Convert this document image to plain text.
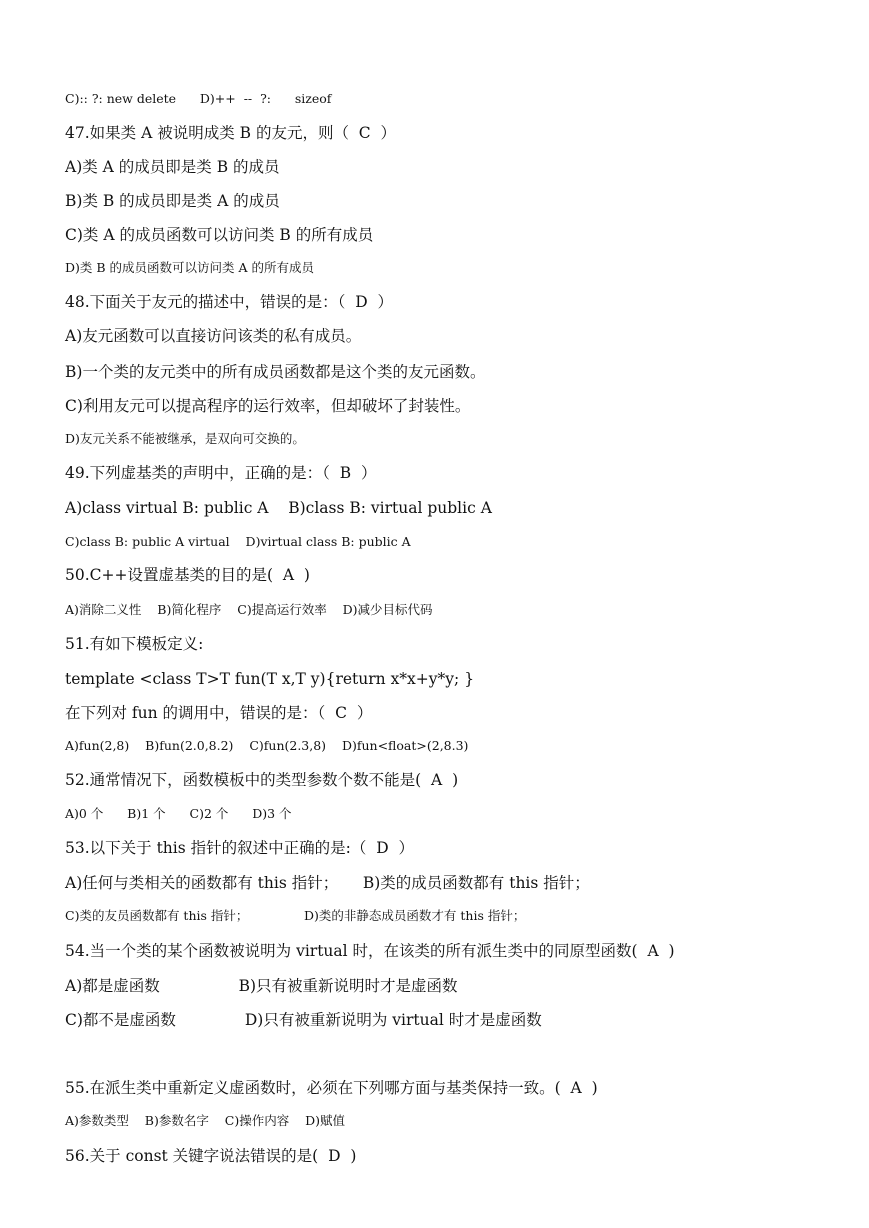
C):: ?: new delete      D)++  --  ?:      sizeof
47.如果类 A 被说明成类 B 的友元，则（  C  ）
A)类 A 的成员即是类 B 的成员
B)类 B 的成员即是类 A 的成员
C)类 A 的成员函数可以访问类 B 的所有成员
D)类 B 的成员函数可以访问类 A 的所有成员
48.下面关于友元的描述中，错误的是：（  D  ）
A)友元函数可以直接访问该类的私有成员。
B)一个类的友元类中的所有成员函数都是这个类的友元函数。
C)利用友元可以提高程序的运行效率，但却破坏了封装性。
D)友元关系不能被继承，是双向可交换的。
49.下列虚基类的声明中，正确的是：（  B  ）
A)class virtual B: public A    B)class B: virtual public A
C)class B: public A virtual    D)virtual class B: public A
50.C++设置虚基类的目的是(  A  )
A)消除二义性    B)简化程序    C)提高运行效率    D)减少目标代码
51.有如下模板定义:
template <class T>T fun(T x,T y){return x*x+y*y; }
在下列对 fun 的调用中，错误的是：（  C  ）
A)fun(2,8)    B)fun(2.0,8.2)    C)fun(2.3,8)    D)fun<float>(2,8.3)
52.通常情况下，函数模板中的类型参数个数不能是(  A  )
A)0 个      B)1 个      C)2 个      D)3 个
53.以下关于 this 指针的叙述中正确的是:（  D  ）
A)任何与类相关的函数都有 this 指针；     B)类的成员函数都有 this 指针；
C)类的友员函数都有 this 指针；              D)类的非静态成员函数才有 this 指针；
54.当一个类的某个函数被说明为 virtual 时，在该类的所有派生类中的同原型函数(  A  )
A)都是虚函数                B)只有被重新说明时才是虚函数
C)都不是虚函数              D)只有被重新说明为 virtual 时才是虚函数
55.在派生类中重新定义虚函数时，必须在下列哪方面与基类保持一致。(  A  )
A)参数类型    B)参数名字    C)操作内容    D)赋值
56.关于 const 关键字说法错误的是(  D  )
